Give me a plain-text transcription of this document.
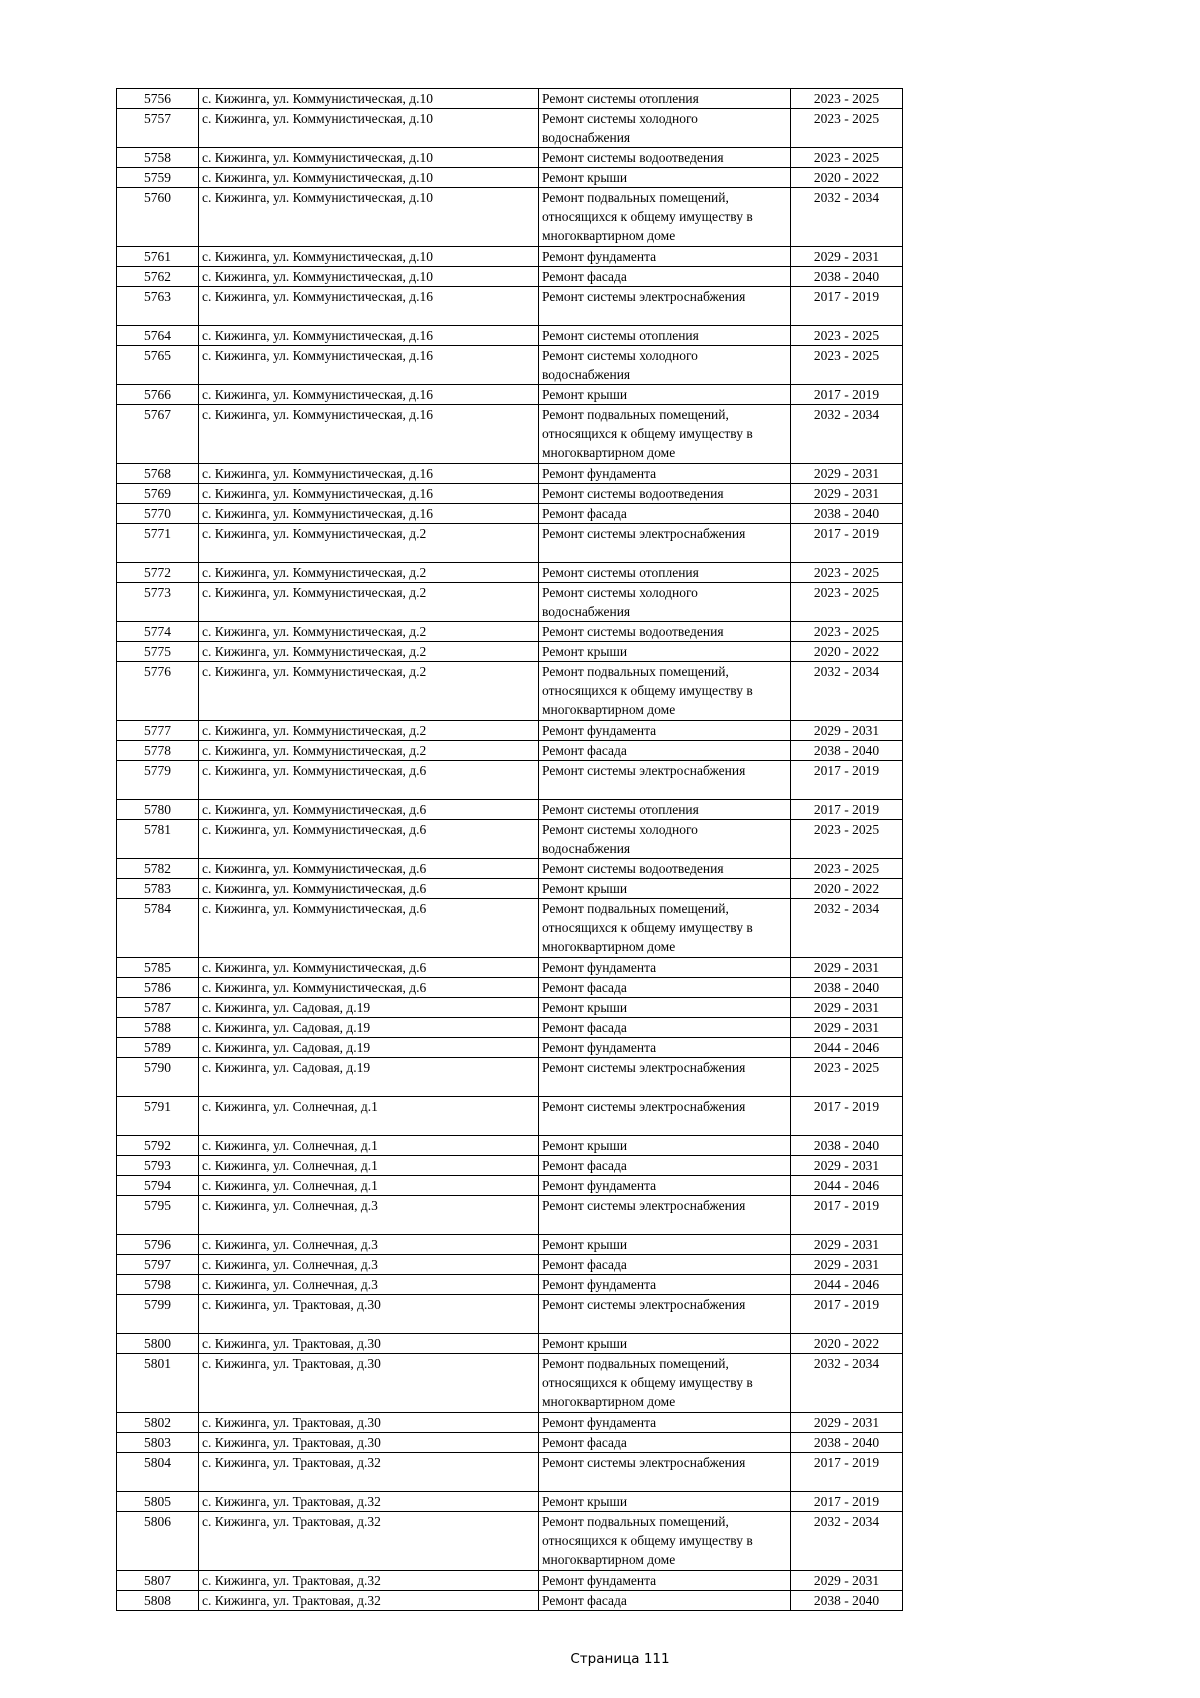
5756	с. Кижинга, ул. Коммунистическая, д.10	Ремонт системы отопления	2023 - 2025
5757	с. Кижинга, ул. Коммунистическая, д.10	Ремонт системы холодного водоснабжения	2023 - 2025
5758	с. Кижинга, ул. Коммунистическая, д.10	Ремонт системы водоотведения	2023 - 2025
5759	с. Кижинга, ул. Коммунистическая, д.10	Ремонт крыши	2020 - 2022
5760	с. Кижинга, ул. Коммунистическая, д.10	Ремонт подвальных помещений, относящихся к общему имуществу в многоквартирном доме	2032 - 2034
5761	с. Кижинга, ул. Коммунистическая, д.10	Ремонт фундамента	2029 - 2031
5762	с. Кижинга, ул. Коммунистическая, д.10	Ремонт фасада	2038 - 2040
5763	с. Кижинга, ул. Коммунистическая, д.16	Ремонт системы электроснабжения	2017 - 2019
5764	с. Кижинга, ул. Коммунистическая, д.16	Ремонт системы отопления	2023 - 2025
5765	с. Кижинга, ул. Коммунистическая, д.16	Ремонт системы холодного водоснабжения	2023 - 2025
5766	с. Кижинга, ул. Коммунистическая, д.16	Ремонт крыши	2017 - 2019
5767	с. Кижинга, ул. Коммунистическая, д.16	Ремонт подвальных помещений, относящихся к общему имуществу в многоквартирном доме	2032 - 2034
5768	с. Кижинга, ул. Коммунистическая, д.16	Ремонт фундамента	2029 - 2031
5769	с. Кижинга, ул. Коммунистическая, д.16	Ремонт системы водоотведения	2029 - 2031
5770	с. Кижинга, ул. Коммунистическая, д.16	Ремонт фасада	2038 - 2040
5771	с. Кижинга, ул. Коммунистическая, д.2	Ремонт системы электроснабжения	2017 - 2019
5772	с. Кижинга, ул. Коммунистическая, д.2	Ремонт системы отопления	2023 - 2025
5773	с. Кижинга, ул. Коммунистическая, д.2	Ремонт системы холодного водоснабжения	2023 - 2025
5774	с. Кижинга, ул. Коммунистическая, д.2	Ремонт системы водоотведения	2023 - 2025
5775	с. Кижинга, ул. Коммунистическая, д.2	Ремонт крыши	2020 - 2022
5776	с. Кижинга, ул. Коммунистическая, д.2	Ремонт подвальных помещений, относящихся к общему имуществу в многоквартирном доме	2032 - 2034
5777	с. Кижинга, ул. Коммунистическая, д.2	Ремонт фундамента	2029 - 2031
5778	с. Кижинга, ул. Коммунистическая, д.2	Ремонт фасада	2038 - 2040
5779	с. Кижинга, ул. Коммунистическая, д.6	Ремонт системы электроснабжения	2017 - 2019
5780	с. Кижинга, ул. Коммунистическая, д.6	Ремонт системы отопления	2017 - 2019
5781	с. Кижинга, ул. Коммунистическая, д.6	Ремонт системы холодного водоснабжения	2023 - 2025
5782	с. Кижинга, ул. Коммунистическая, д.6	Ремонт системы водоотведения	2023 - 2025
5783	с. Кижинга, ул. Коммунистическая, д.6	Ремонт крыши	2020 - 2022
5784	с. Кижинга, ул. Коммунистическая, д.6	Ремонт подвальных помещений, относящихся к общему имуществу в многоквартирном доме	2032 - 2034
5785	с. Кижинга, ул. Коммунистическая, д.6	Ремонт фундамента	2029 - 2031
5786	с. Кижинга, ул. Коммунистическая, д.6	Ремонт фасада	2038 - 2040
5787	с. Кижинга, ул. Садовая, д.19	Ремонт крыши	2029 - 2031
5788	с. Кижинга, ул. Садовая, д.19	Ремонт фасада	2029 - 2031
5789	с. Кижинга, ул. Садовая, д.19	Ремонт фундамента	2044 - 2046
5790	с. Кижинга, ул. Садовая, д.19	Ремонт системы электроснабжения	2023 - 2025
5791	с. Кижинга, ул. Солнечная, д.1	Ремонт системы электроснабжения	2017 - 2019
5792	с. Кижинга, ул. Солнечная, д.1	Ремонт крыши	2038 - 2040
5793	с. Кижинга, ул. Солнечная, д.1	Ремонт фасада	2029 - 2031
5794	с. Кижинга, ул. Солнечная, д.1	Ремонт фундамента	2044 - 2046
5795	с. Кижинга, ул. Солнечная, д.3	Ремонт системы электроснабжения	2017 - 2019
5796	с. Кижинга, ул. Солнечная, д.3	Ремонт крыши	2029 - 2031
5797	с. Кижинга, ул. Солнечная, д.3	Ремонт фасада	2029 - 2031
5798	с. Кижинга, ул. Солнечная, д.3	Ремонт фундамента	2044 - 2046
5799	с. Кижинга, ул. Трактовая, д.30	Ремонт системы электроснабжения	2017 - 2019
5800	с. Кижинга, ул. Трактовая, д.30	Ремонт крыши	2020 - 2022
5801	с. Кижинга, ул. Трактовая, д.30	Ремонт подвальных помещений, относящихся к общему имуществу в многоквартирном доме	2032 - 2034
5802	с. Кижинга, ул. Трактовая, д.30	Ремонт фундамента	2029 - 2031
5803	с. Кижинга, ул. Трактовая, д.30	Ремонт фасада	2038 - 2040
5804	с. Кижинга, ул. Трактовая, д.32	Ремонт системы электроснабжения	2017 - 2019
5805	с. Кижинга, ул. Трактовая, д.32	Ремонт крыши	2017 - 2019
5806	с. Кижинга, ул. Трактовая, д.32	Ремонт подвальных помещений, относящихся к общему имуществу в многоквартирном доме	2032 - 2034
5807	с. Кижинга, ул. Трактовая, д.32	Ремонт фундамента	2029 - 2031
5808	с. Кижинга, ул. Трактовая, д.32	Ремонт фасада	2038 - 2040
Страница 111
